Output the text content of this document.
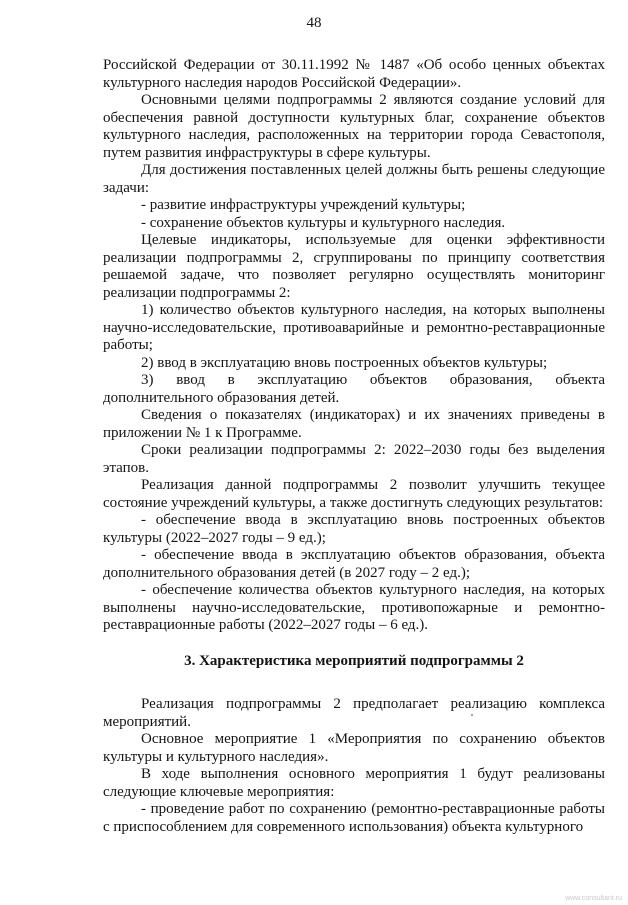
48

Российской Федерации от 30.11.1992 № 1487 «Об особо ценных объектах культурного наследия народов Российской Федерации».

Основными целями подпрограммы 2 являются создание условий для обеспечения равной доступности культурных благ, сохранение объектов культурного наследия, расположенных на территории города Севастополя, путем развития инфраструктуры в сфере культуры.

Для достижения поставленных целей должны быть решены следующие задачи:

- развитие инфраструктуры учреждений культуры;

- сохранение объектов культуры и культурного наследия.

Целевые индикаторы, используемые для оценки эффективности реализации подпрограммы 2, сгруппированы по принципу соответствия решаемой задаче, что позволяет регулярно осуществлять мониторинг реализации подпрограммы 2:

1) количество объектов культурного наследия, на которых выполнены научно-исследовательские, противоаварийные и ремонтно-реставрационные работы;

2) ввод в эксплуатацию вновь построенных объектов культуры;

3) ввод в эксплуатацию объектов образования, объекта дополнительного образования детей.

Сведения о показателях (индикаторах) и их значениях приведены в приложении № 1 к Программе.

Сроки реализации подпрограммы 2: 2022–2030 годы без выделения этапов.

Реализация данной подпрограммы 2 позволит улучшить текущее состояние учреждений культуры, а также достигнуть следующих результатов:

- обеспечение ввода в эксплуатацию вновь построенных объектов культуры (2022–2027 годы – 9 ед.);

- обеспечение ввода в эксплуатацию объектов образования, объекта дополнительного образования детей (в 2027 году – 2 ед.);

- обеспечение количества объектов культурного наследия, на которых выполнены научно-исследовательские, противопожарные и ремонтно-реставрационные работы (2022–2027 годы – 6 ед.).

3. Характеристика мероприятий подпрограммы 2

Реализация подпрограммы 2 предполагает реализацию комплекса мероприятий.

Основное мероприятие 1 «Мероприятия по сохранению объектов культуры и культурного наследия».

В ходе выполнения основного мероприятия 1 будут реализованы следующие ключевые мероприятия:

- проведение работ по сохранению (ремонтно-реставрационные работы с приспособлением для современного использования) объекта культурного

www.consultant.ru
